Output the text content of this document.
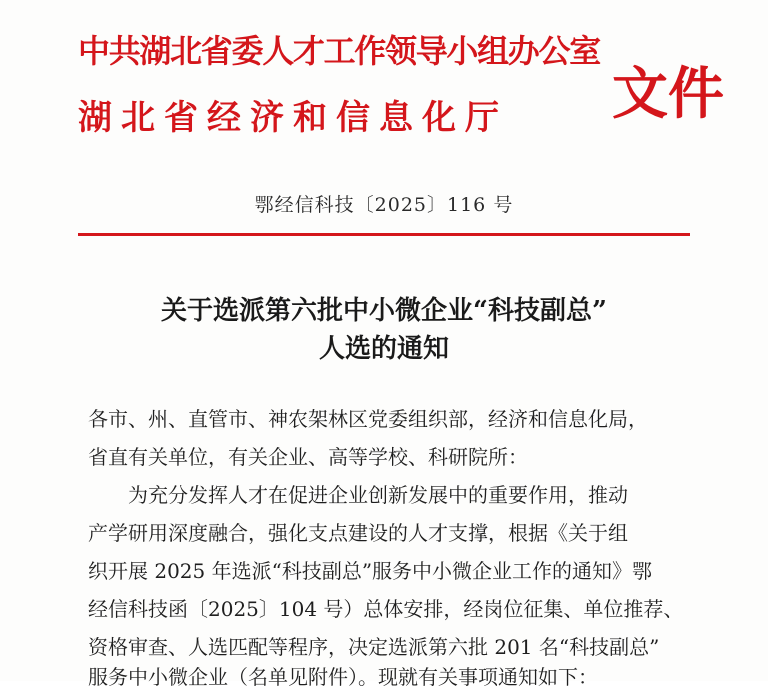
中共湖北省委人才工作领导小组办公室
湖北省经济和信息化厅 文件
鄂经信科技〔2025〕116 号
关于选派第六批中小微企业“科技副总”
人选的通知
各市、州、直管市、神农架林区党委组织部，经济和信息化局，
省直有关单位，有关企业、高等学校、科研院所：
为充分发挥人才在促进企业创新发展中的重要作用，推动
产学研用深度融合，强化支点建设的人才支撑，根据《关于组
织开展 2025 年选派“科技副总”服务中小微企业工作的通知》鄂
经信科技函〔2025〕104 号）总体安排，经岗位征集、单位推荐、
资格审查、人选匹配等程序，决定选派第六批 201 名“科技副总”
服务中小微企业（名单见附件）。现就有关事项通知如下：
